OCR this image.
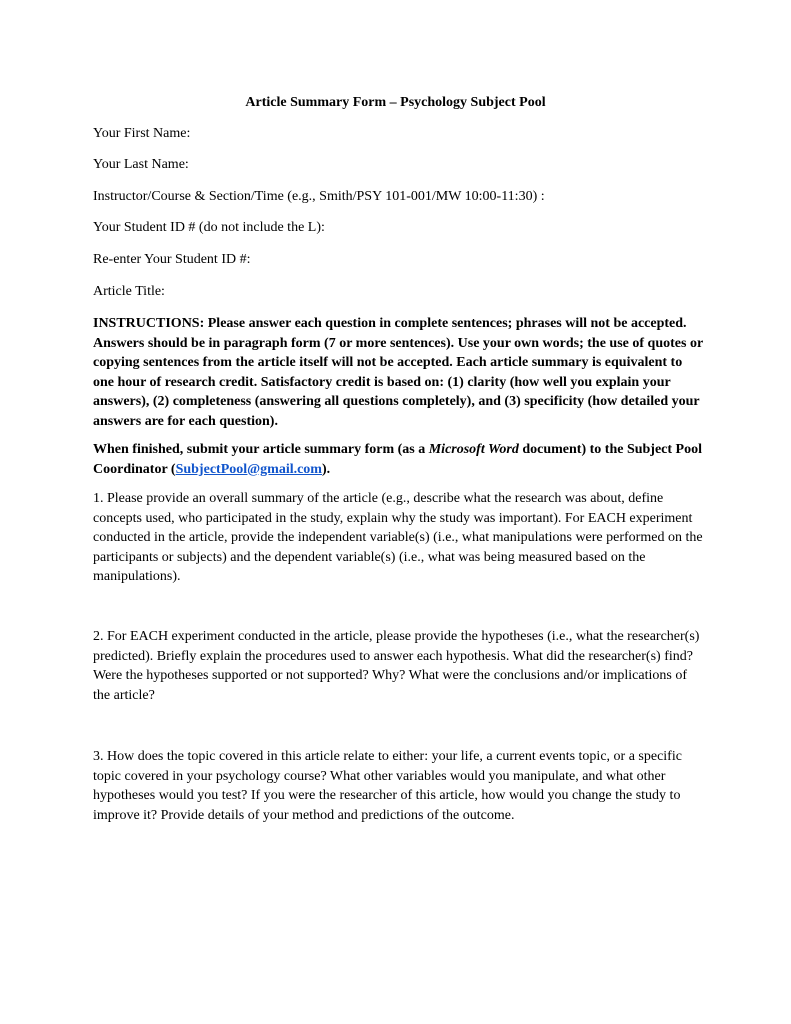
Article Summary Form – Psychology Subject Pool
Your First Name:
Your Last Name:
Instructor/Course & Section/Time (e.g., Smith/PSY 101-001/MW 10:00-11:30) :
Your Student ID # (do not include the L):
Re-enter Your Student ID #:
Article Title:
INSTRUCTIONS: Please answer each question in complete sentences; phrases will not be accepted. Answers should be in paragraph form (7 or more sentences). Use your own words; the use of quotes or copying sentences from the article itself will not be accepted. Each article summary is equivalent to one hour of research credit. Satisfactory credit is based on: (1) clarity (how well you explain your answers), (2) completeness (answering all questions completely), and (3) specificity (how detailed your answers are for each question).
When finished, submit your article summary form (as a Microsoft Word document) to the Subject Pool Coordinator (SubjectPool@gmail.com).
1. Please provide an overall summary of the article (e.g., describe what the research was about, define concepts used, who participated in the study, explain why the study was important). For EACH experiment conducted in the article, provide the independent variable(s) (i.e., what manipulations were performed on the participants or subjects) and the dependent variable(s) (i.e., what was being measured based on the manipulations).
2. For EACH experiment conducted in the article, please provide the hypotheses (i.e., what the researcher(s) predicted). Briefly explain the procedures used to answer each hypothesis. What did the researcher(s) find? Were the hypotheses supported or not supported? Why? What were the conclusions and/or implications of the article?
3. How does the topic covered in this article relate to either: your life, a current events topic, or a specific topic covered in your psychology course? What other variables would you manipulate, and what other hypotheses would you test? If you were the researcher of this article, how would you change the study to improve it? Provide details of your method and predictions of the outcome.
